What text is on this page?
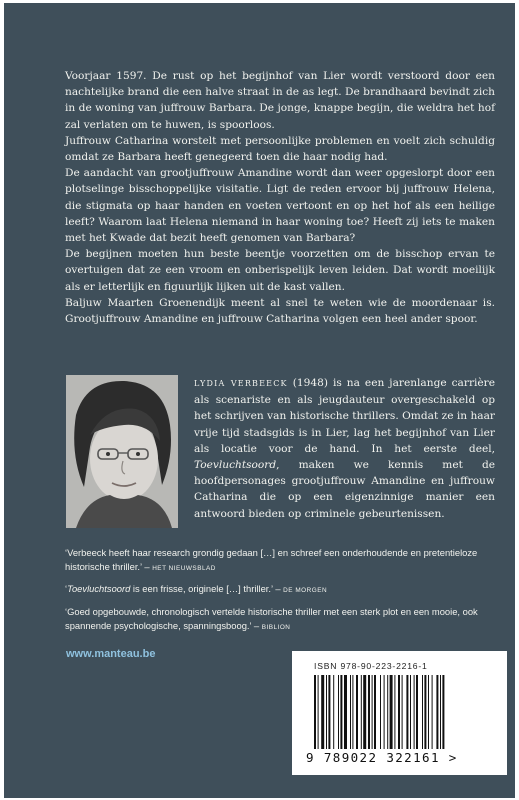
Voorjaar 1597. De rust op het begijnhof van Lier wordt verstoord door een nachtelijke brand die een halve straat in de as legt. De brandhaard bevindt zich in de woning van juffrouw Barbara. De jonge, knappe begijn, die weldra het hof zal verlaten om te huwen, is spoorloos.

Juffrouw Catharina worstelt met persoonlijke problemen en voelt zich schuldig omdat ze Barbara heeft genegeerd toen die haar nodig had.

De aandacht van grootjuffrouw Amandine wordt dan weer opgeslorpt door een plotselinge bisschoppelijke visitatie. Ligt de reden ervoor bij juffrouw Helena, die stigmata op haar handen en voeten vertoont en op het hof als een heilige leeft? Waarom laat Helena niemand in haar woning toe? Heeft zij iets te maken met het Kwade dat bezit heeft genomen van Barbara?

De begijnen moeten hun beste beentje voorzetten om de bisschop ervan te overtuigen dat ze een vroom en onberispelijk leven leiden. Dat wordt moeilijk als er letterlijk en figuurlijk lijken uit de kast vallen.

Baljuw Maarten Groenendijk meent al snel te weten wie de moordenaar is. Grootjuffrouw Amandine en juffrouw Catharina volgen een heel ander spoor.

LYDIA VERBEECK (1948) is na een jarenlange carrière als scenariste en als jeugdauteur overgeschakeld op het schrijven van historische thrillers. Omdat ze in haar vrije tijd stadsgids is in Lier, lag het begijnhof van Lier als locatie voor de hand. In het eerste deel, Toevluchtsoord, maken we kennis met de hoofdpersonages grootjuffrouw Amandine en juffrouw Catharina die op een eigenzinnige manier een antwoord bieden op criminele gebeurtenissen.

‘Verbeeck heeft haar research grondig gedaan […] en schreef een onderhoudende en pretentieloze historische thriller.’ – HET NIEUWSBLAD

‘Toevluchtsoord is een frisse, originele […] thriller.’ – DE MORGEN

‘Goed opgebouwde, chronologisch vertelde historische thriller met een sterk plot en een mooie, ook spannende psychologische, spanningsboog.’ – BIBLION

www.manteau.be
ISBN 978-90-223-2216-1
9 789022 322161 >
